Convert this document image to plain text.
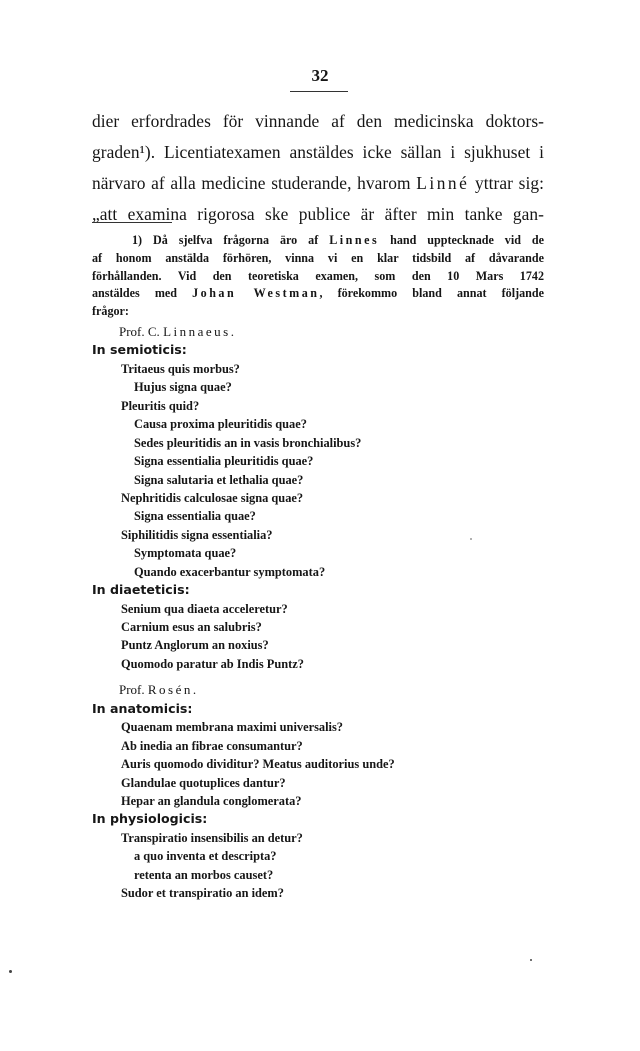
32
dier erfordrades för vinnande af den medicinska doktors-
graden¹). Licentiatexamen anstäldes icke sällan i sjukhuset i
närvaro af alla medicine studerande, hvarom Linné yttrar sig:
„att examina rigorosa ske publice är äfter min tanke gan-
1) Då sjelfva frågorna äro af Linnes hand upptecknade vid de
af honom anstälda förhören, vinna vi en klar tidsbild af dåvarande
förhållanden. Vid den teoretiska examen, som den 10 Mars 1742
anstäldes med Johan Westman, förekommo bland annat följande
frågor:
Prof. C. Linnaeus.
In semioticis:
Tritaeus quis morbus?
Hujus signa quae?
Pleuritis quid?
Causa proxima pleuritidis quae?
Sedes pleuritidis an in vasis bronchialibus?
Signa essentialia pleuritidis quae?
Signa salutaria et lethalia quae?
Nephritidis calculosae signa quae?
Signa essentialia quae?
Siphilitidis signa essentialia?
Symptomata quae?
Quando exacerbantur symptomata?
In diaeteticis:
Senium qua diaeta acceleretur?
Carnium esus an salubris?
Puntz Anglorum an noxius?
Quomodo paratur ab Indis Puntz?
Prof. Rosén.
In anatomicis:
Quaenam membrana maximi universalis?
Ab inedia an fibrae consumantur?
Auris quomodo dividitur? Meatus auditorius unde?
Glandulae quotuplices dantur?
Hepar an glandula conglomerata?
In physiologicis:
Transpiratio insensibilis an detur?
a quo inventa et descripta?
retenta an morbos causet?
Sudor et transpiratio an idem?
